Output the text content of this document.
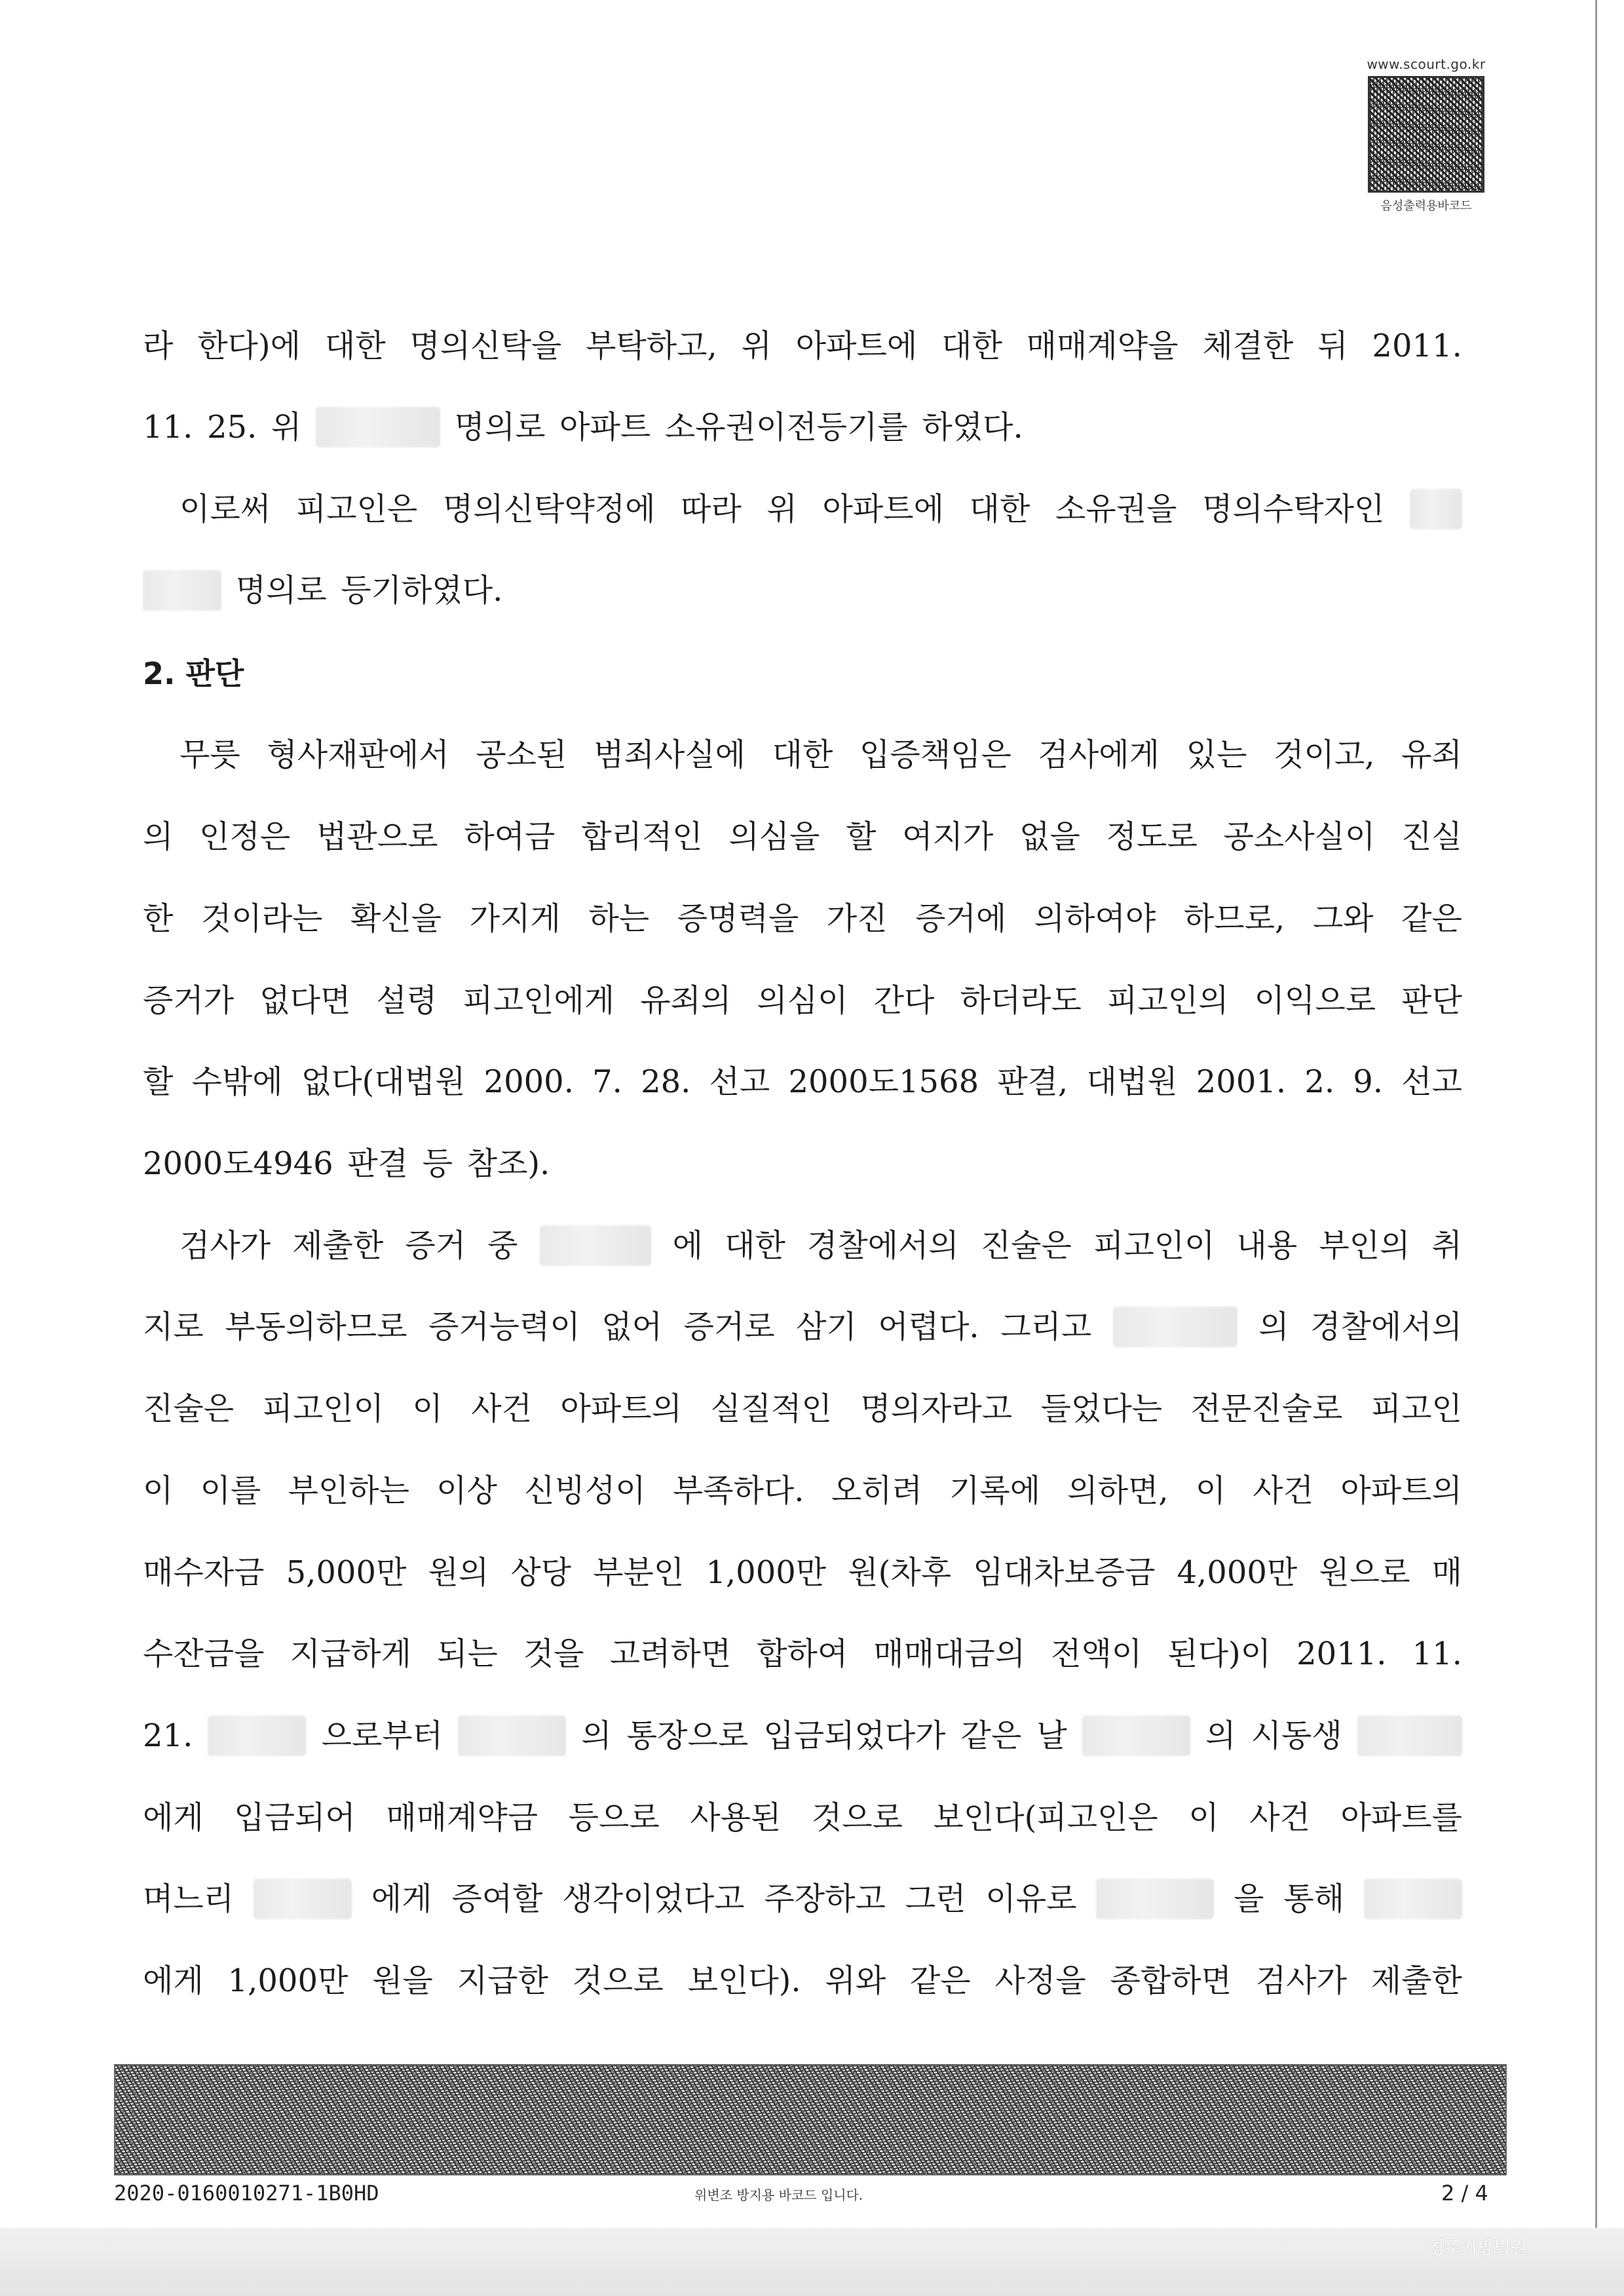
www.scourt.go.kr
음성출력용바코드
라 한다)에 대한 명의신탁을 부탁하고, 위 아파트에 대한 매매계약을 체결한 뒤 2011.
11. 25. 위	명의로 아파트 소유권이전등기를 하였다.
이로써 피고인은 명의신탁약정에 따라 위 아파트에 대한 소유권을 명의수탁자인
명의로 등기하였다.
2. 판단
무릇 형사재판에서 공소된 범죄사실에 대한 입증책임은 검사에게 있는 것이고, 유죄
의 인정은 법관으로 하여금 합리적인 의심을 할 여지가 없을 정도로 공소사실이 진실
한 것이라는 확신을 가지게 하는 증명력을 가진 증거에 의하여야 하므로, 그와 같은
증거가 없다면 설령 피고인에게 유죄의 의심이 간다 하더라도 피고인의 이익으로 판단
할 수밖에 없다(대법원 2000. 7. 28. 선고 2000도1568 판결, 대법원 2001. 2. 9. 선고
2000도4946 판결 등 참조).
검사가 제출한 증거 중	에 대한 경찰에서의 진술은 피고인이 내용 부인의 취
지로 부동의하므로 증거능력이 없어 증거로 삼기 어렵다. 그리고	의 경찰에서의
진술은 피고인이 이 사건 아파트의 실질적인 명의자라고 들었다는 전문진술로 피고인
이 이를 부인하는 이상 신빙성이 부족하다. 오히려 기록에 의하면, 이 사건 아파트의
매수자금 5,000만 원의 상당 부분인 1,000만 원(차후 임대차보증금 4,000만 원으로 매
수잔금을 지급하게 되는 것을 고려하면 합하여 매매대금의 전액이 된다)이 2011. 11.
21.	으로부터	의 통장으로 입금되었다가 같은 날	의 시동생
에게 입금되어 매매계약금 등으로 사용된 것으로 보인다(피고인은 이 사건 아파트를
며느리	에게 증여할 생각이었다고 주장하고 그런 이유로	을 통해
에게 1,000만 원을 지급한 것으로 보인다). 위와 같은 사정을 종합하면 검사가 제출한
2020-0160010271-1B0HD	위변조 방지용 바코드 입니다.	2 / 4
청주지방법원
